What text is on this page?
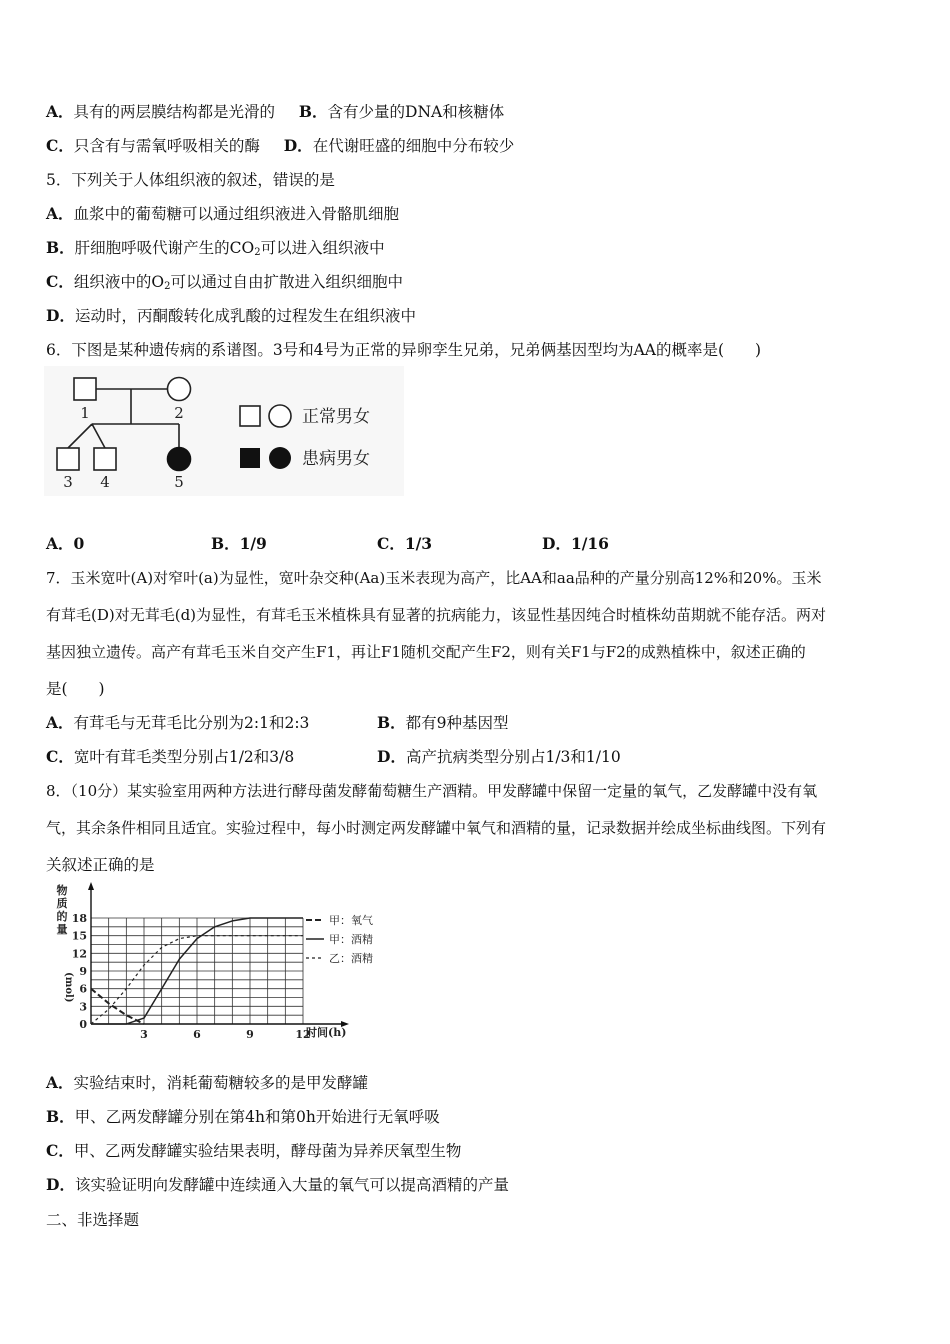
A．具有的两层膜结构都是光滑的 B．含有少量的DNA和核糖体
C．只含有与需氧呼吸相关的酶 D．在代谢旺盛的细胞中分布较少
5．下列关于人体组织液的叙述，错误的是
A．血浆中的葡萄糖可以通过组织液进入骨骼肌细胞
B．肝细胞呼吸代谢产生的$CO_2$可以进入组织液中
C．组织液中的$O_2$可以通过自由扩散进入组织细胞中
D．运动时，丙酮酸转化成乳酸的过程发生在组织液中
6．下图是某种遗传病的系谱图。3号和4号为正常的异卵孪生兄弟，兄弟俩基因型均为AA的概率是(　　)
1	2
3 4	5
正常男女
患病男女
A．0	B．1/9	C．1/3	D．1/16
7．玉米宽叶(A)对窄叶(a)为显性，宽叶杂交种(Aa)玉米表现为高产，比AA和aa品种的产量分别高12%和20%。玉米
有茸毛(D)对无茸毛(d)为显性，有茸毛玉米植株具有显著的抗病能力，该显性基因纯合时植株幼苗期就不能存活。两对
基因独立遗传。高产有茸毛玉米自交产生F1，再让F1随机交配产生F2，则有关F1与F2的成熟植株中，叙述正确的
是(　　)
A．有茸毛与无茸毛比分别为2:1和2:3	B．都有9种基因型
C．宽叶有茸毛类型分别占1/2和3/8	D．高产抗病类型分别占1/3和1/10
8．（10分）某实验室用两种方法进行酵母菌发酵葡萄糖生产酒精。甲发酵罐中保留一定量的氧气，乙发酵罐中没有氧
气，其余条件相同且适宜。实验过程中，每小时测定两发酵罐中氧气和酒精的量，记录数据并绘成坐标曲线图。下列有
关叙述正确的是
3	6	9	12
0
3
6
9
12
15
18
物质的量
(mol)
时间(h)
甲：氧气
甲：酒精
乙：酒精
A．实验结束时，消耗葡萄糖较多的是甲发酵罐
B．甲、乙两发酵罐分别在第4h和第0h开始进行无氧呼吸
C．甲、乙两发酵罐实验结果表明，酵母菌为异养厌氧型生物
D．该实验证明向发酵罐中连续通入大量的氧气可以提高酒精的产量
二、非选择题
